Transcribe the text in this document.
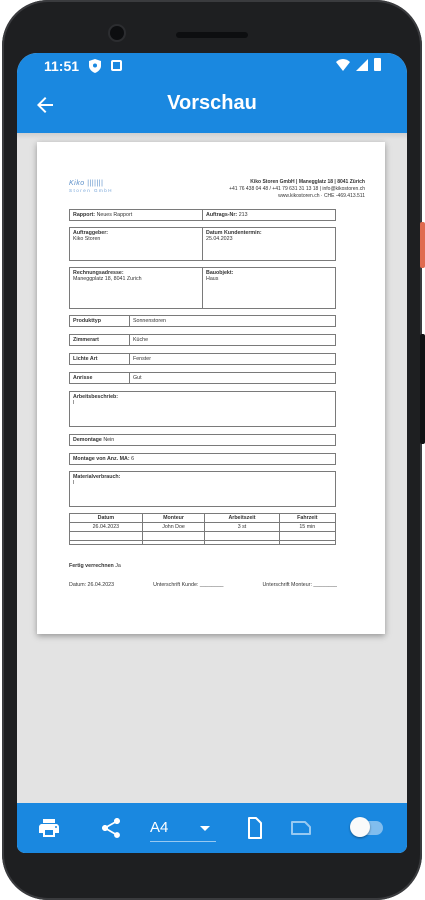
11:51
Vorschau
Kiko |||||||
Storen GmbH
Kiko Storen GmbH | Manegglatz 18 | 8041 Zürich
+41 76 438 04 48 / +41 79 631 31 13 18 | info@kikostoren.ch
www.kikostoren.ch · CHE -469.413.511
Rapport: Neues Rapport	Auftrags-Nr: 213
Auftraggeber:
Kiko Storen
Datum Kundentermin:
25.04.2023
Rechnungsadresse:
Maneggplatz 18, 8041 Zurich
Bauobjekt:
Haus
Produkttyp	Sonnenstoren
Zimmerart	Küche
Lichte Art	Fenster
Anrisse	Gut
Arbeitsbeschrieb:
I
Demontage Nein
Montage von Anz. MA: 6
Materialverbrauch:
I
Datum	Monteur	Arbeitszeit	Fahrzeit
26.04.2023	John Doe	3 st	15 min

Fertig verrechnen Ja
Datum: 26.04.2023	Unterschrift Kunde: ________	Unterschrift Monteur: ________
A4
